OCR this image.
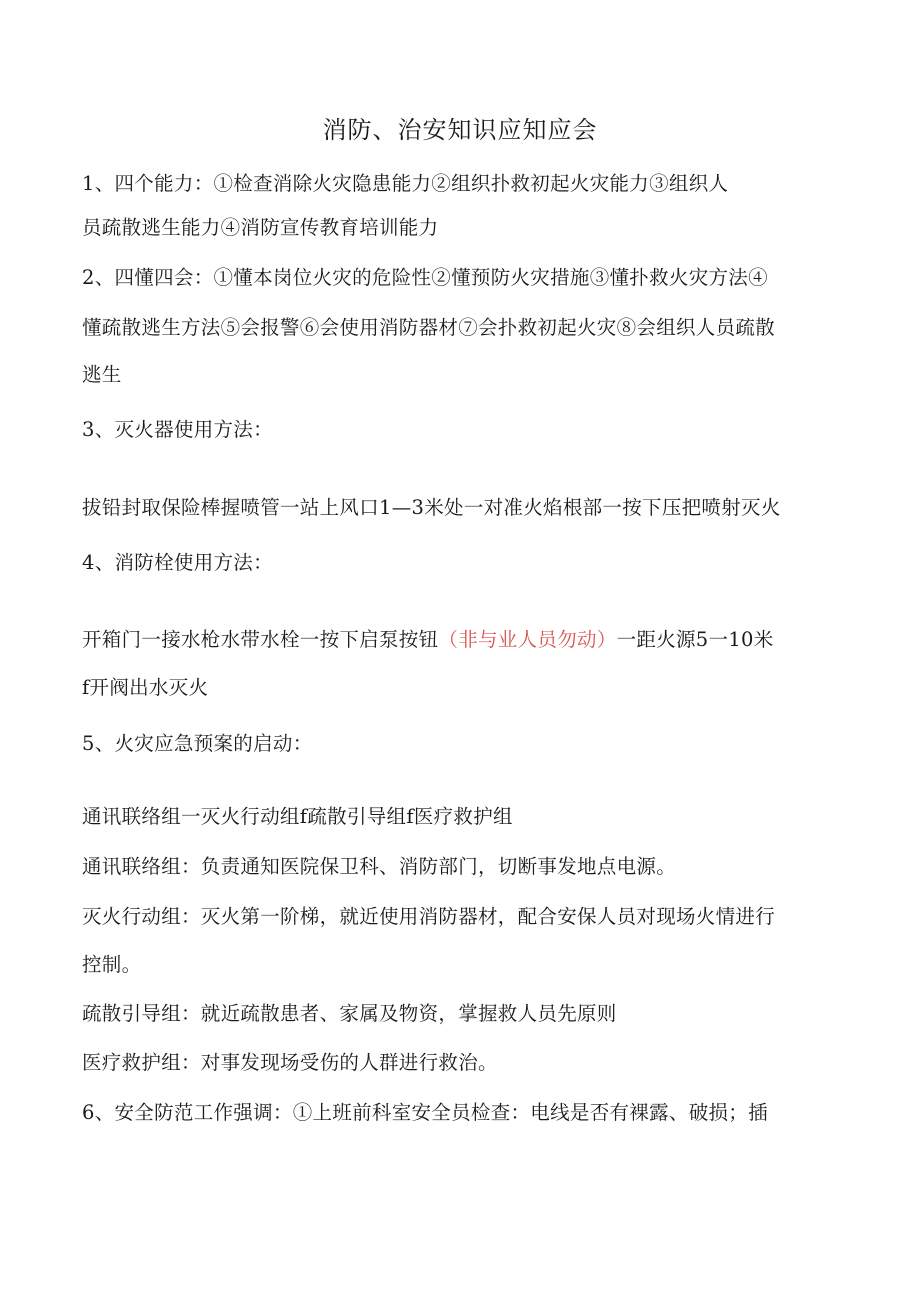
消防、治安知识应知应会
1、四个能力：①检查消除火灾隐患能力②组织扑救初起火灾能力③组织人
员疏散逃生能力④消防宣传教育培训能力
2、四懂四会：①懂本岗位火灾的危险性②懂预防火灾措施③懂扑救火灾方法④
懂疏散逃生方法⑤会报警⑥会使用消防器材⑦会扑救初起火灾⑧会组织人员疏散
逃生
3、灭火器使用方法：
拔铅封取保险棒握喷管一站上风口1—3米处一对准火焰根部一按下压把喷射灭火
4、消防栓使用方法：
开箱门一接水枪水带水栓一按下启泵按钮（非与业人员勿动）一距火源5一10米
f开阀出水灭火
5、火灾应急预案的启动：
通讯联络组一灭火行动组f疏散引导组f医疗救护组
通讯联络组：负责通知医院保卫科、消防部门，切断事发地点电源。
灭火行动组：灭火第一阶梯，就近使用消防器材，配合安保人员对现场火情进行
控制。
疏散引导组：就近疏散患者、家属及物资，掌握救人员先原则
医疗救护组：对事发现场受伤的人群进行救治。
6、安全防范工作强调：①上班前科室安全员检查：电线是否有裸露、破损；插
